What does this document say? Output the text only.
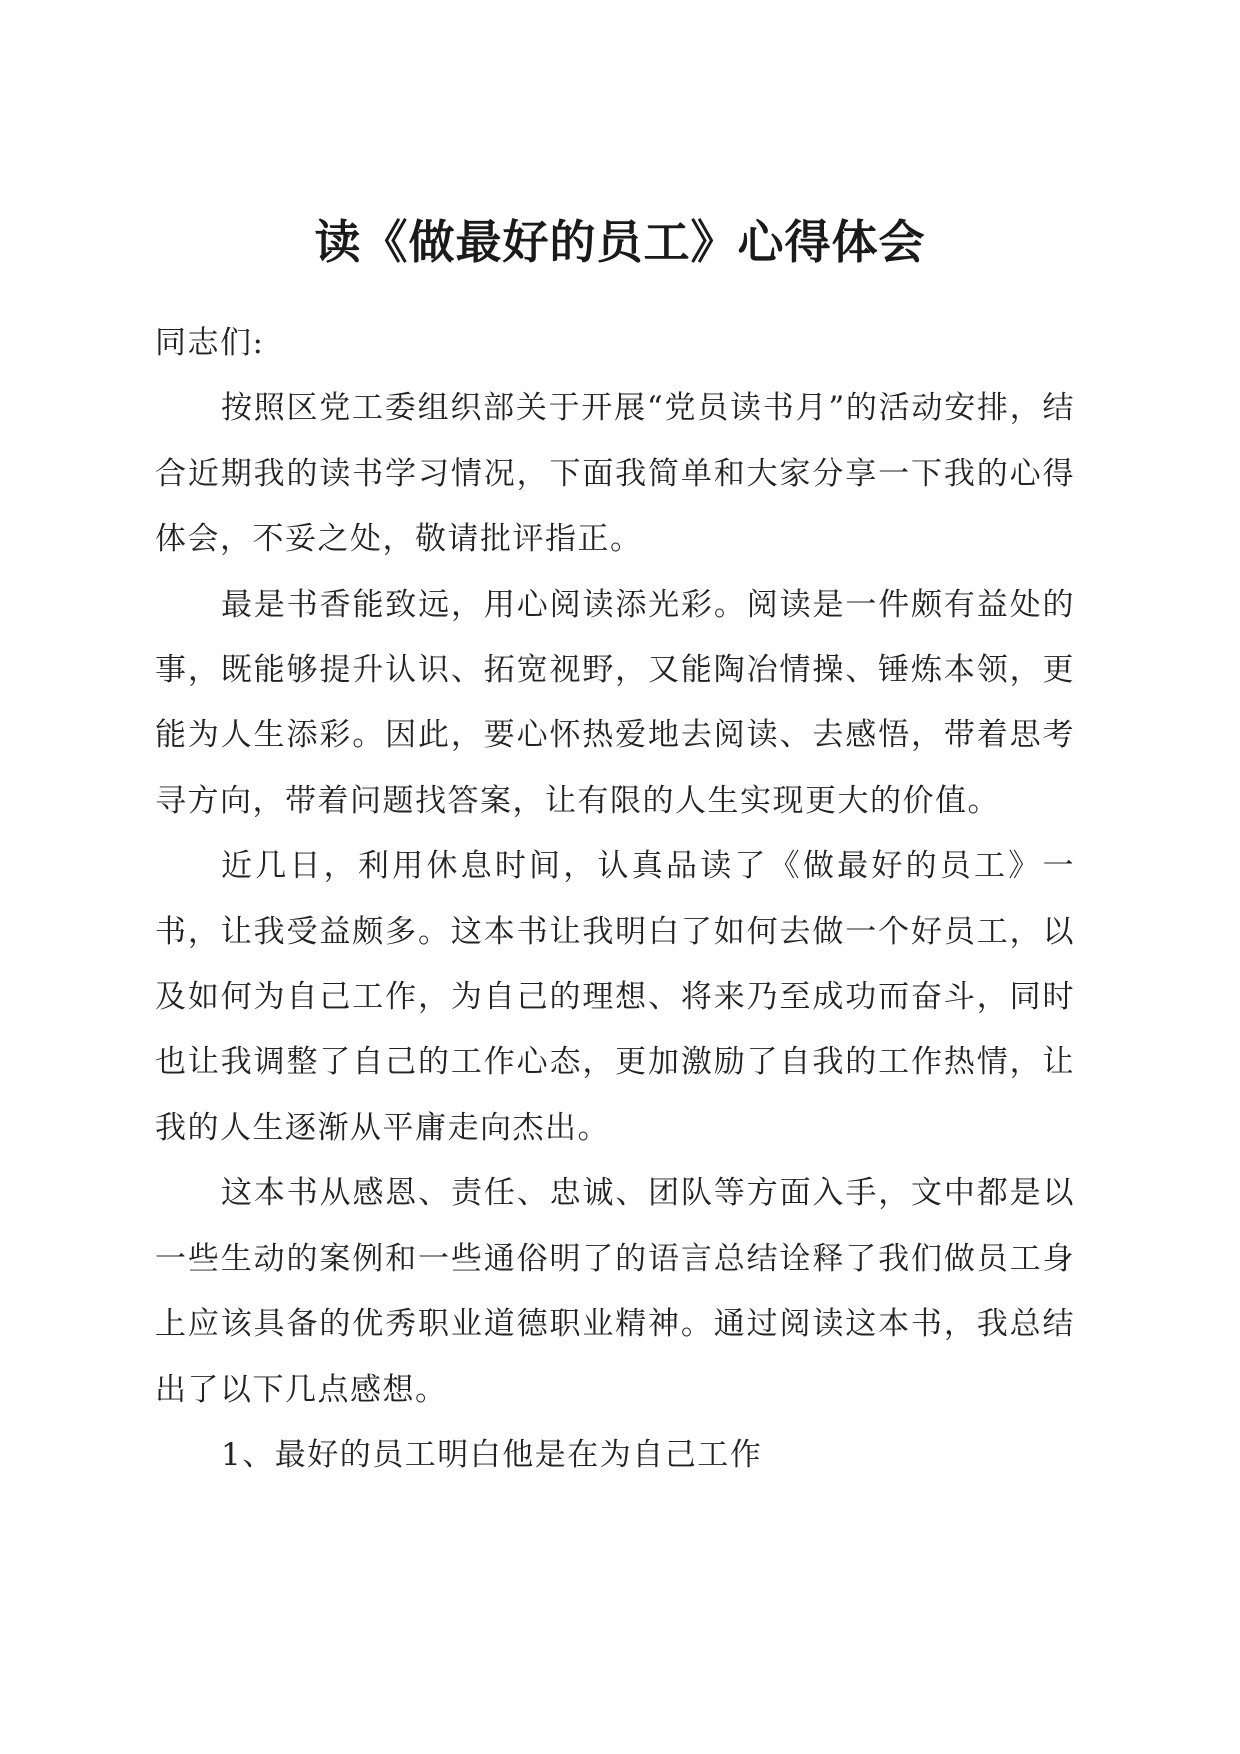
读《做最好的员工》心得体会

同志们:

按照区党工委组织部关于开展“党员读书月”的活动安排，结合近期我的读书学习情况，下面我简单和大家分享一下我的心得体会，不妥之处，敬请批评指正。

最是书香能致远，用心阅读添光彩。阅读是一件颇有益处的事，既能够提升认识、拓宽视野，又能陶冶情操、锤炼本领，更能为人生添彩。因此，要心怀热爱地去阅读、去感悟，带着思考寻方向，带着问题找答案，让有限的人生实现更大的价值。

近几日，利用休息时间，认真品读了《做最好的员工》一书，让我受益颇多。这本书让我明白了如何去做一个好员工，以及如何为自己工作，为自己的理想、将来乃至成功而奋斗，同时也让我调整了自己的工作心态，更加激励了自我的工作热情，让我的人生逐渐从平庸走向杰出。

这本书从感恩、责任、忠诚、团队等方面入手，文中都是以一些生动的案例和一些通俗明了的语言总结诠释了我们做员工身上应该具备的优秀职业道德职业精神。通过阅读这本书，我总结出了以下几点感想。

1、最好的员工明白他是在为自己工作
